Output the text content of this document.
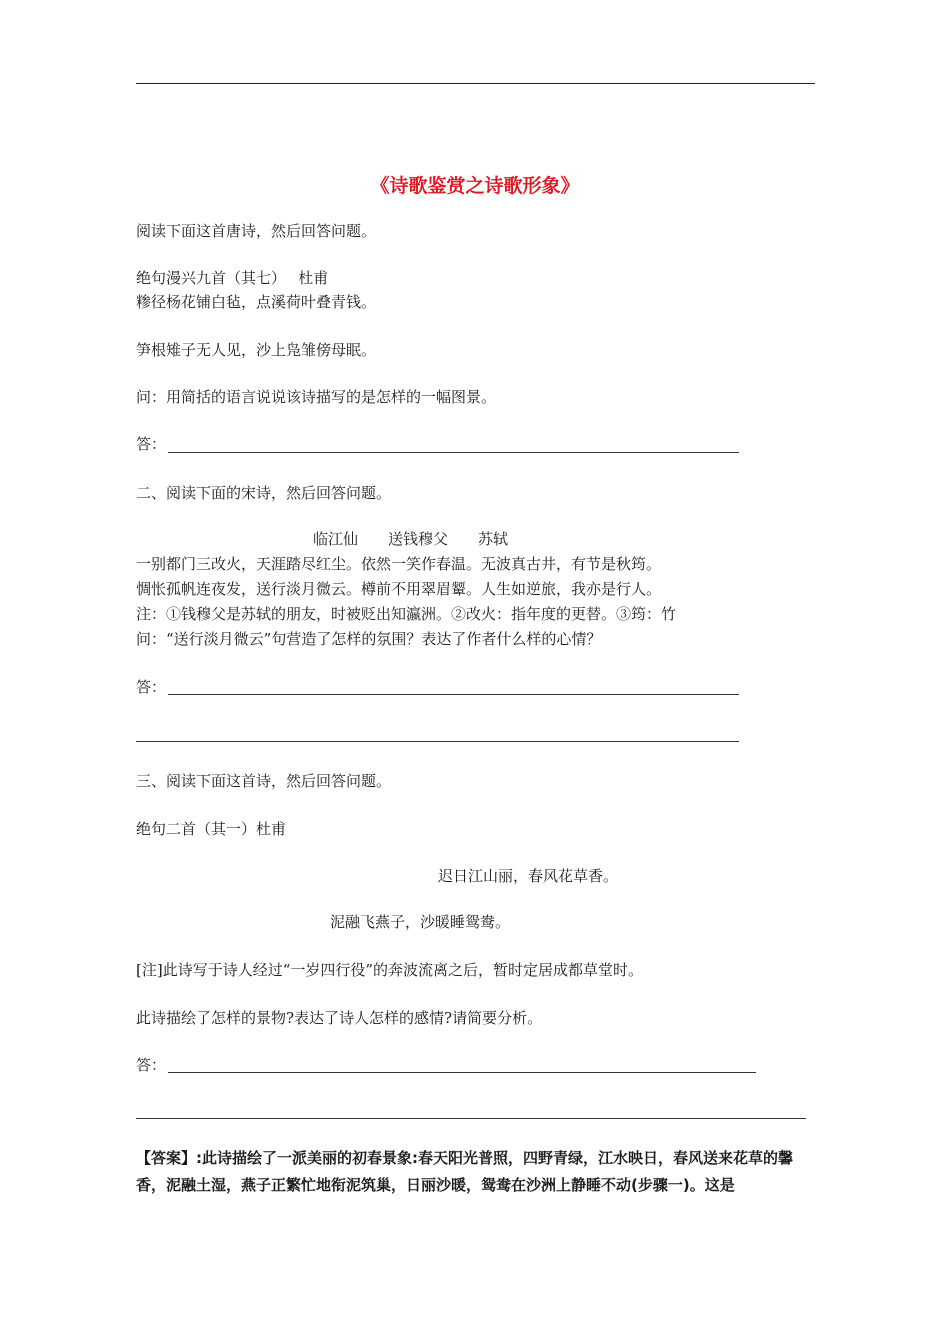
《诗歌鉴赏之诗歌形象》
阅读下面这首唐诗，然后回答问题。
绝句漫兴九首（其七）　 杜甫
糁径杨花铺白毡，点溪荷叶叠青钱。
笋根雉子无人见，沙上凫雏傍母眠。
问：用简括的语言说说该诗描写的是怎样的一幅图景。
答：
二、阅读下面的宋诗，然后回答问题。
临江仙　　送钱穆父　　苏轼
一别都门三改火，天涯踏尽红尘。依然一笑作春温。无波真古井，有节是秋筠。
惆怅孤帆连夜发，送行淡月微云。樽前不用翠眉颦。人生如逆旅，我亦是行人。
注：①钱穆父是苏轼的朋友，时被贬出知瀛洲。②改火：指年度的更替。③筠：竹
问：“送行淡月微云”句营造了怎样的氛围？表达了作者什么样的心情？
答：
三、阅读下面这首诗，然后回答问题。
绝句二首（其一）杜甫
迟日江山丽，春风花草香。
泥融飞燕子，沙暖睡鸳鸯。
[注]此诗写于诗人经过“一岁四行役”的奔波流离之后，暂时定居成都草堂时。
此诗描绘了怎样的景物?表达了诗人怎样的感情?请简要分析。
答：
【答案】:此诗描绘了一派美丽的初春景象:春天阳光普照，四野青绿，江水映日，春风送来花草的馨香，泥融土湿，燕子正繁忙地衔泥筑巢，日丽沙暖，鸳鸯在沙洲上静睡不动(步骤一)。这是
